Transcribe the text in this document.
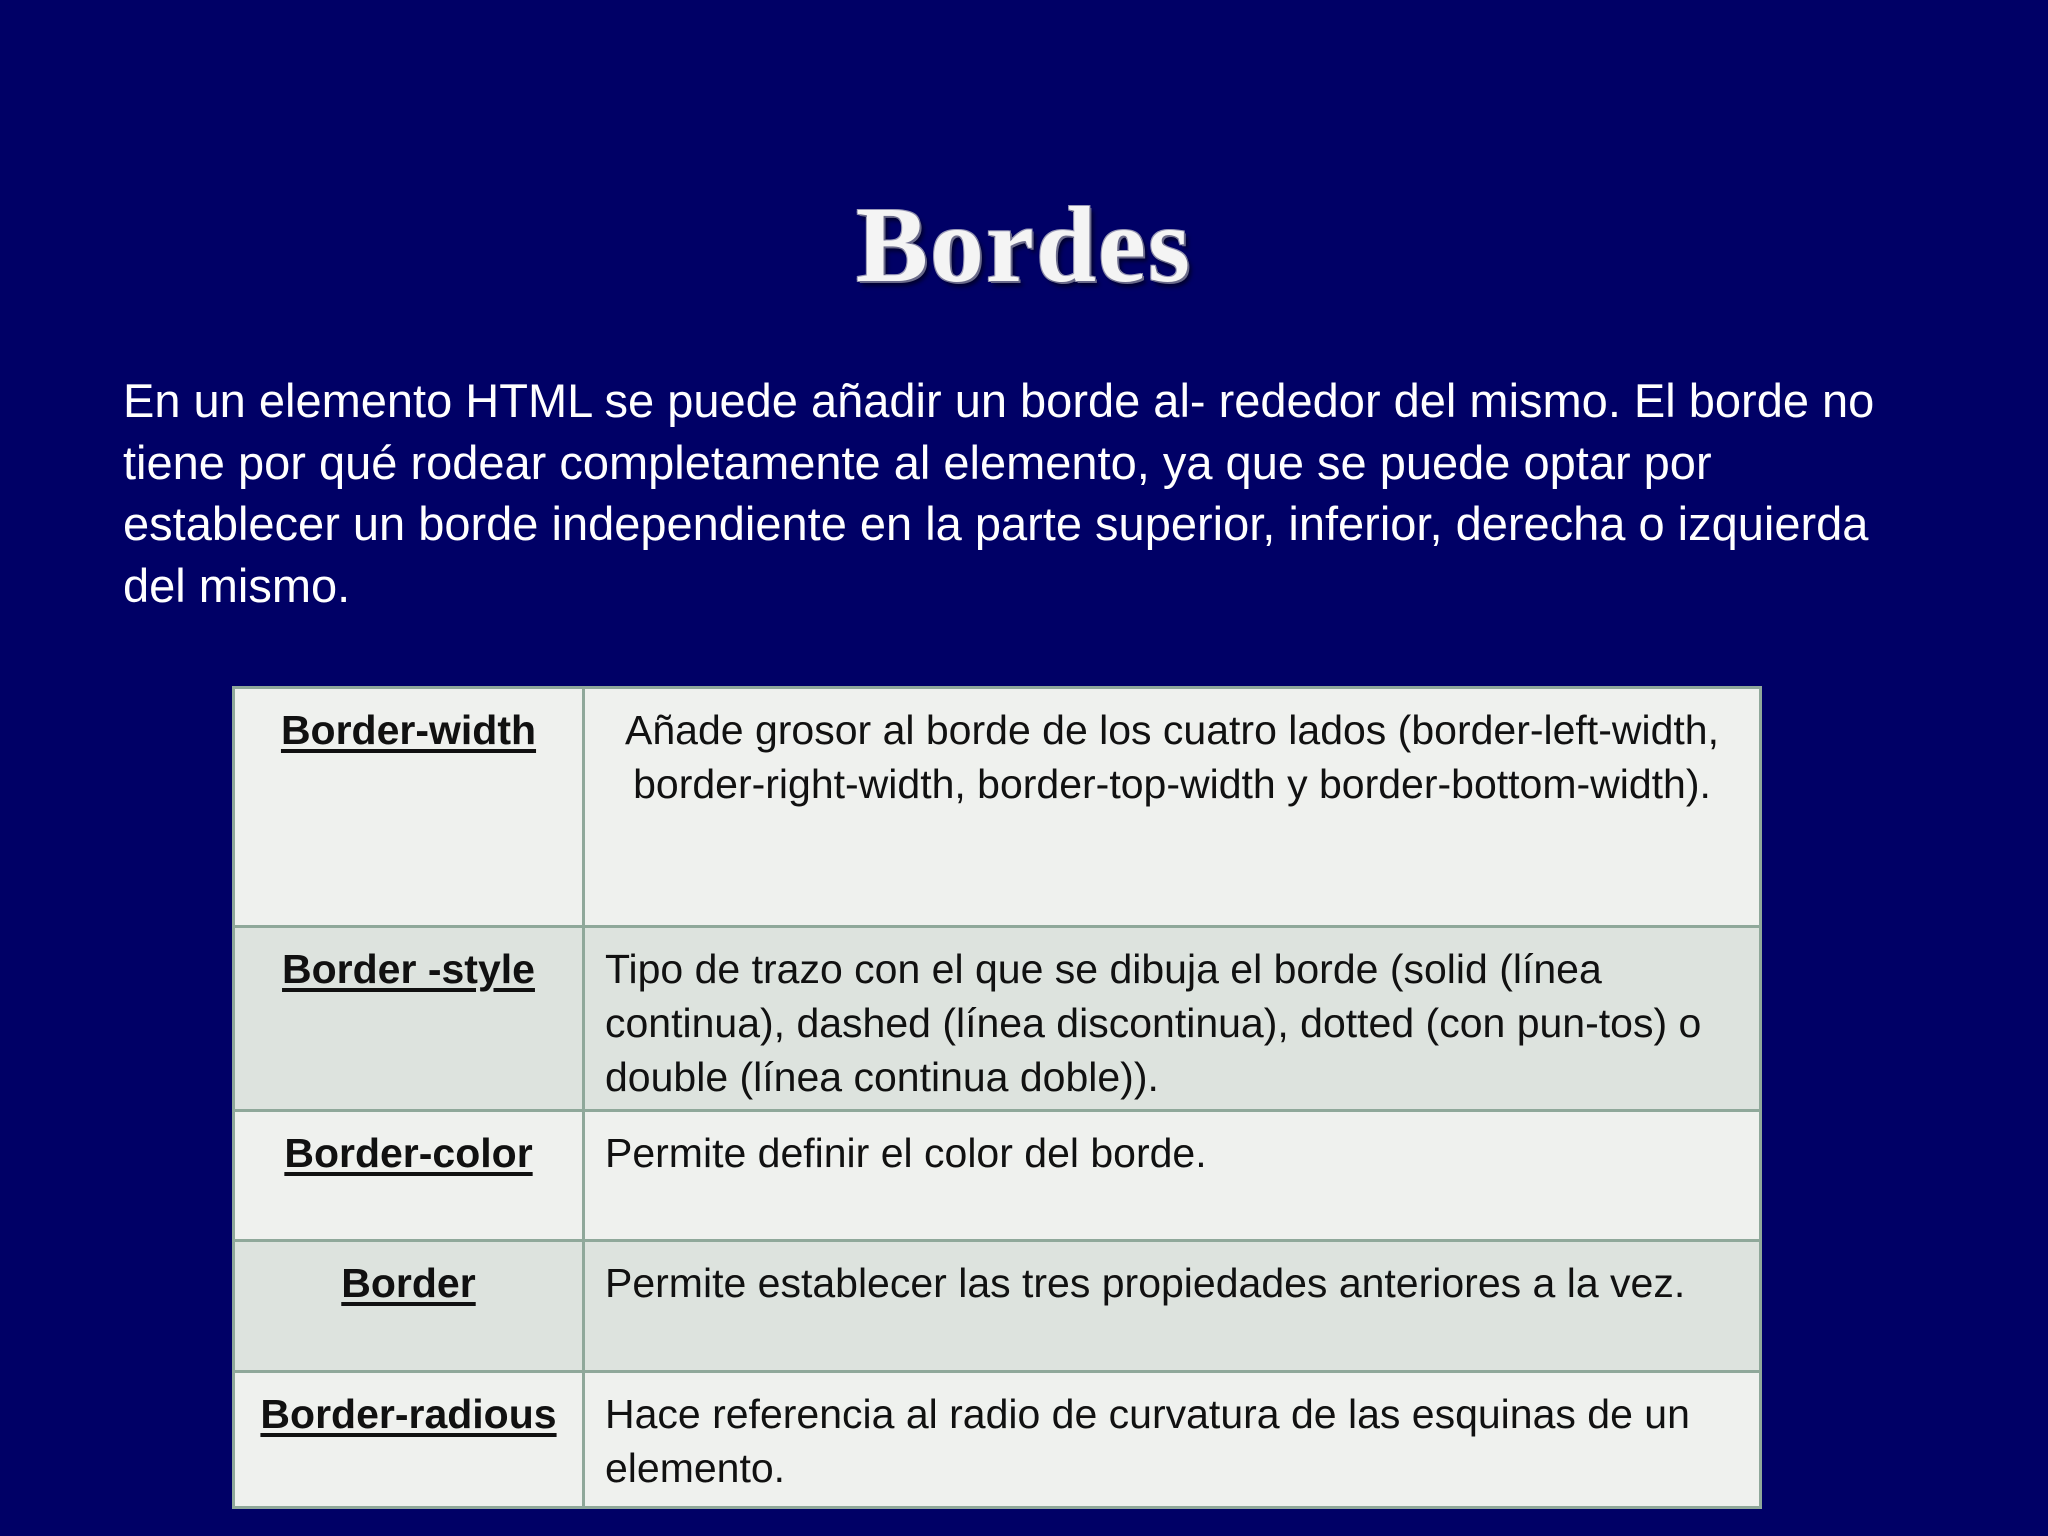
Bordes

En un elemento HTML se puede añadir un borde al- rededor del mismo. El borde no tiene por qué rodear completamente al elemento, ya que se puede optar por establecer un borde independiente en la parte superior, inferior, derecha o izquierda del mismo.

Border-width	Añade grosor al borde de los cuatro lados (border-left-width, border-right-width, border-top-width y border-bottom-width).
Border -style	Tipo de trazo con el que se dibuja el borde (solid (línea continua), dashed (línea discontinua), dotted (con pun-tos) o double (línea continua doble)).
Border-color	Permite definir el color del borde.
Border	Permite establecer las tres propiedades anteriores a la vez.
Border-radious	Hace referencia al radio de curvatura de las esquinas de un elemento.
